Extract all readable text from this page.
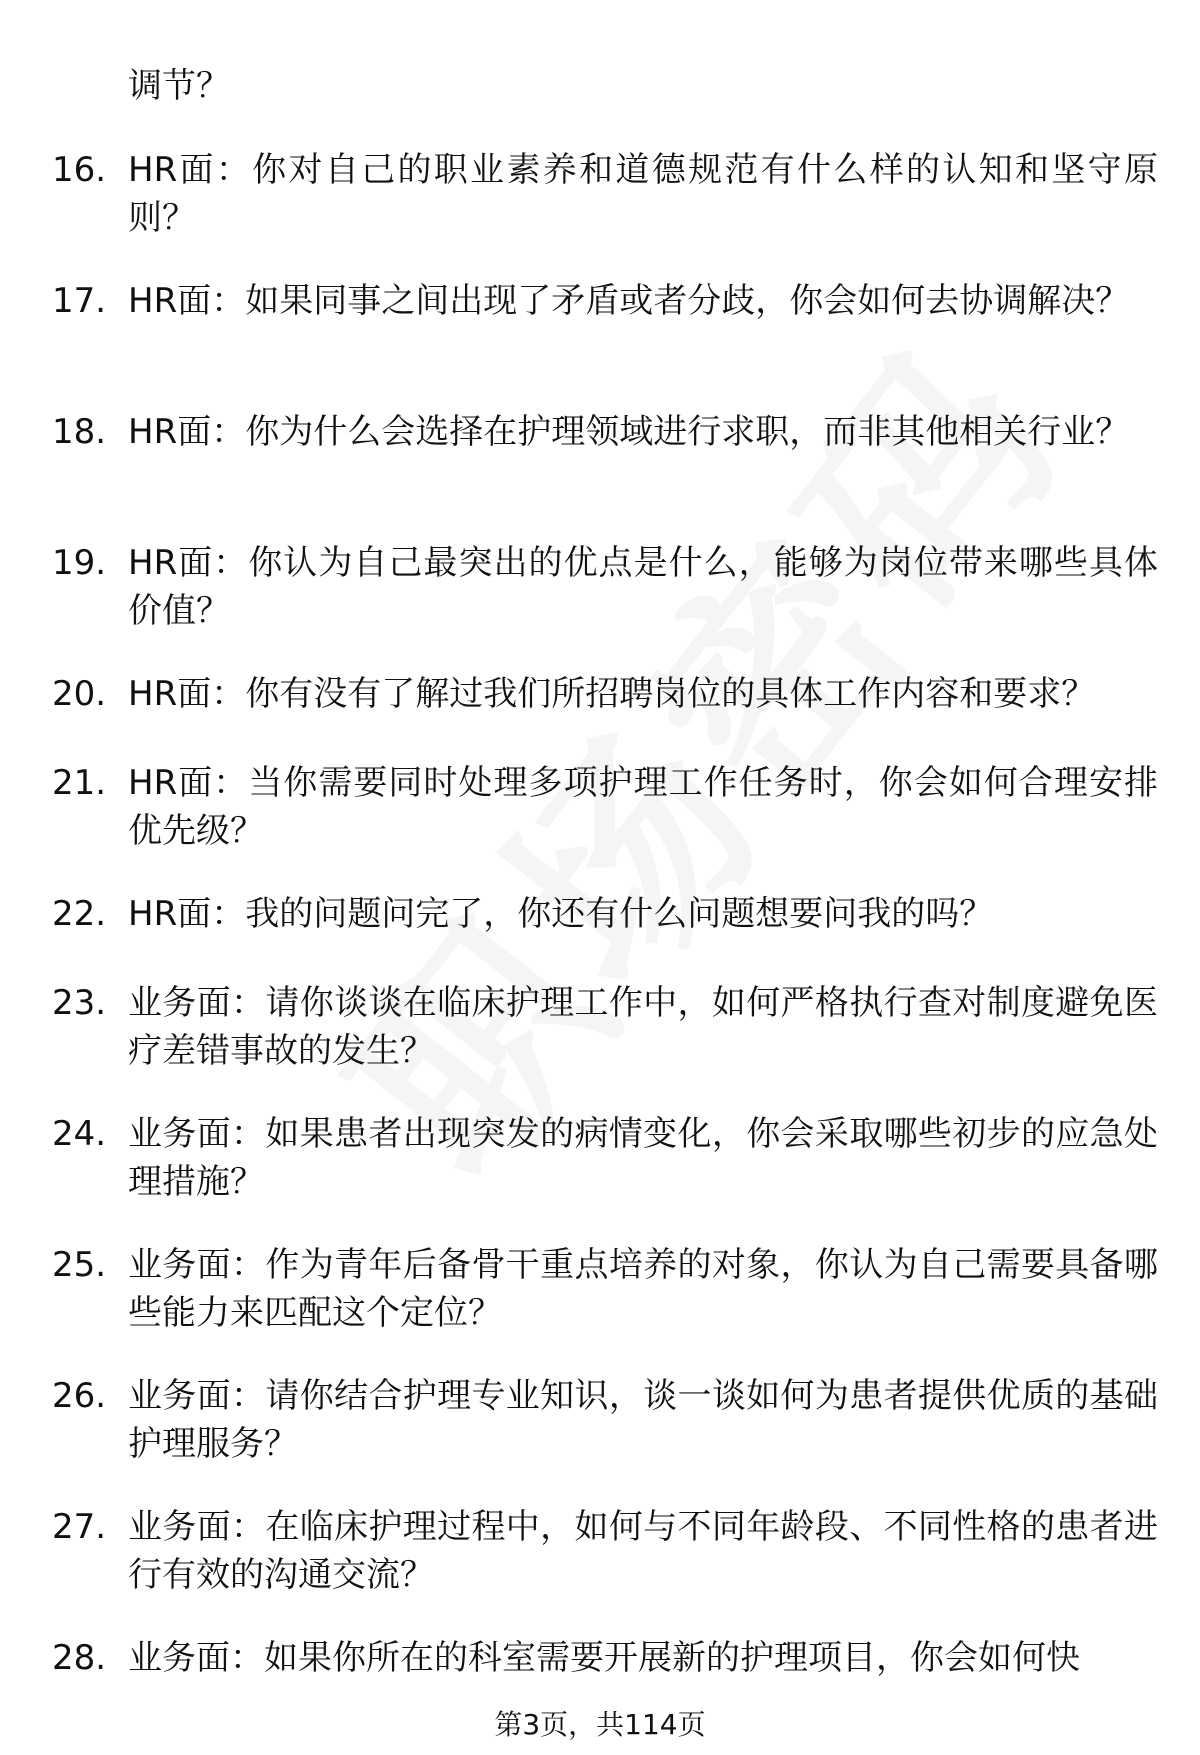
调节？
16. HR面：你对自己的职业素养和道德规范有什么样的认知和坚守原则？
17. HR面：如果同事之间出现了矛盾或者分歧，你会如何去协调解决？
18. HR面：你为什么会选择在护理领域进行求职，而非其他相关行业？
19. HR面：你认为自己最突出的优点是什么，能够为岗位带来哪些具体价值？
20. HR面：你有没有了解过我们所招聘岗位的具体工作内容和要求？
21. HR面：当你需要同时处理多项护理工作任务时，你会如何合理安排优先级？
22. HR面：我的问题问完了，你还有什么问题想要问我的吗？
23. 业务面：请你谈谈在临床护理工作中，如何严格执行查对制度避免医疗差错事故的发生？
24. 业务面：如果患者出现突发的病情变化，你会采取哪些初步的应急处理措施？
25. 业务面：作为青年后备骨干重点培养的对象，你认为自己需要具备哪些能力来匹配这个定位？
26. 业务面：请你结合护理专业知识，谈一谈如何为患者提供优质的基础护理服务？
27. 业务面：在临床护理过程中，如何与不同年龄段、不同性格的患者进行有效的沟通交流？
28. 业务面：如果你所在的科室需要开展新的护理项目，你会如何快
第3页，共114页
